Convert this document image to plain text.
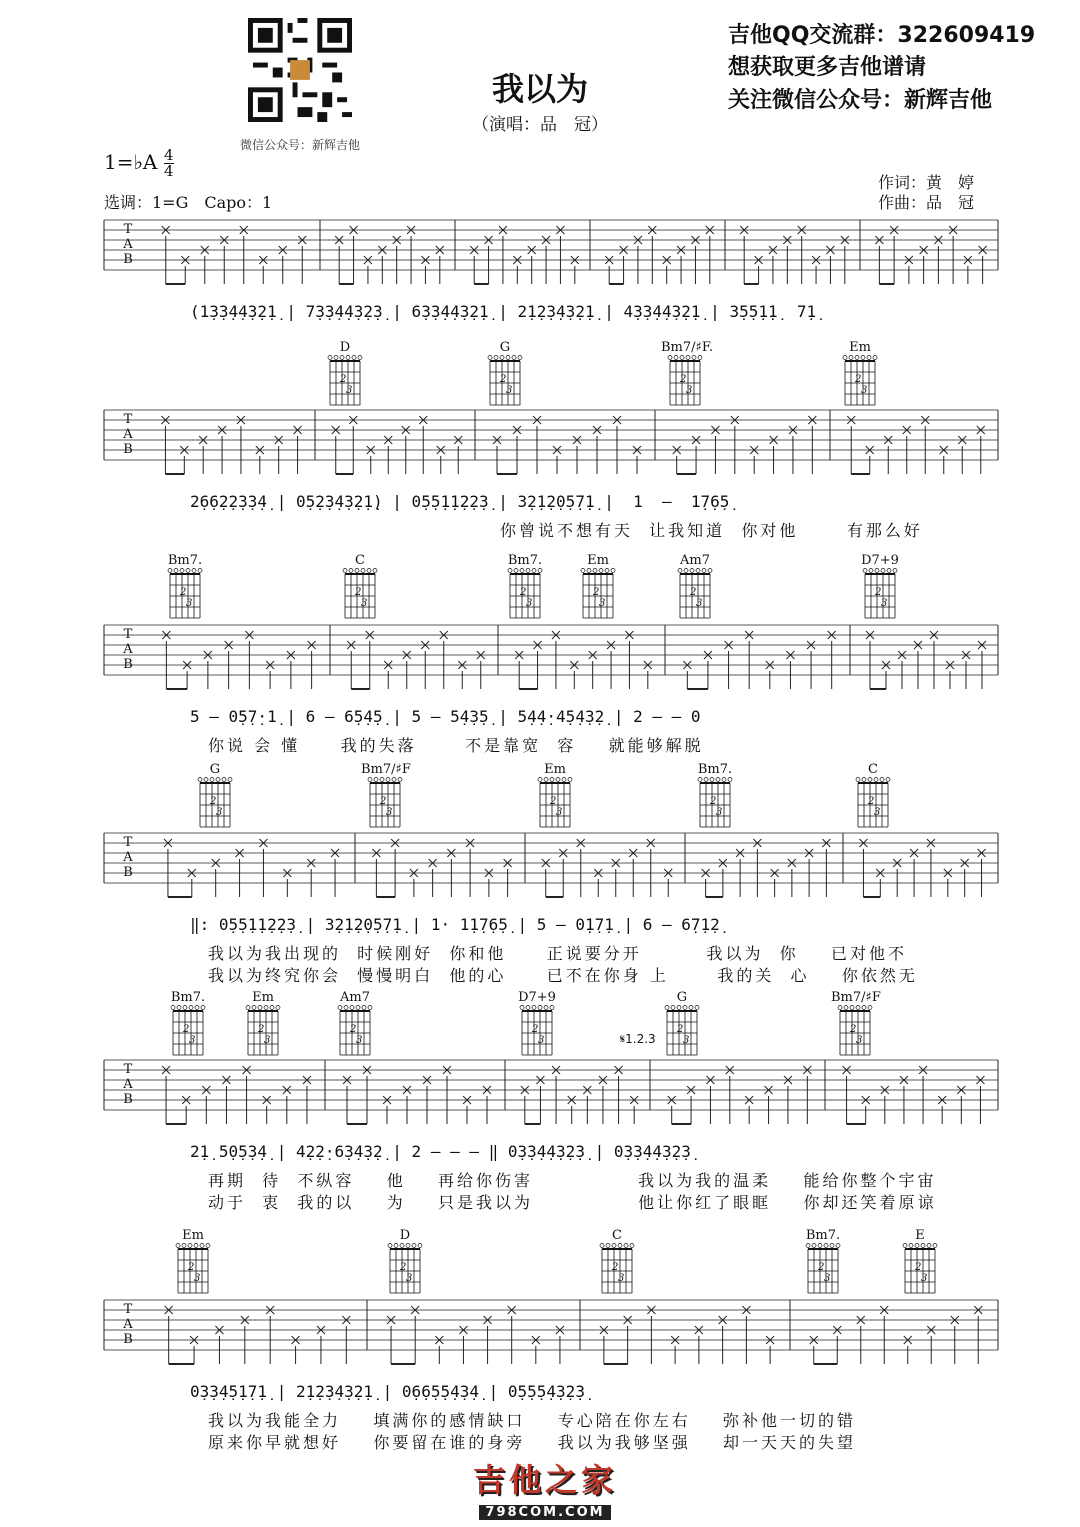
微信公众号：新辉吉他
我以为
（演唱：品　冠）
吉他QQ交流群：322609419
想获取更多吉他谱请
关注微信公众号：新辉吉他
1=♭A 4
4
选调：1=G　Capo：1
作词：黄　婷
作曲：品　冠
T
A
B
(1̣3̣3̣4̣4̣3̣2̣1̣ | 7̣3̣3̣4̣4̣3̣2̣3̣ | 6̣3̣3̣4̣4̣3̣2̣1̣ | 2̣1̣2̣3̣4̣3̣2̣1̣ | 4̣3̣3̣4̣4̣3̣2̣1̣ | 3̣5̣5̣1̣1̣  7̣1̣
D
2
3
G
2
3
Bm7/♯F.
2
3
Em
2
3
T
A
B
2̣6̣6̣2̣2̣3̣3̣4̣ | 0̣5̣2̣3̣4̣3̣2̣1̣) | 0̣5̣5̣1̣1̣2̣2̣3̣ | 3̣2̣1̣2̣0̣5̣7̣1̣ |  1  –  1̣7̣6̣5̣
你曾说不想有天  让我知道  你对他      有那么好
Bm7.
2
3
C
2
3
Bm7.
2
3
Em
2
3
Am7
2
3
D7+9
2
3
T
A
B
5 – 0̣5̣7̣·1̣ | 6 – 6̣5̣4̣5̣ | 5 – 5̣4̣3̣5̣ | 5̣4̣4̣·4̣5̣4̣3̣2̣ | 2 – – 0
你说 会 懂     我的失落      不是靠宽  容    就能够解脱
G
2
3
Bm7/♯F
2
3
Em
2
3
Bm7.
2
3
C
2
3
T
A
B
‖: 0̣5̣5̣1̣1̣2̣2̣3̣ | 3̣2̣1̣2̣0̣5̣7̣1̣ | 1· 1̣1̣7̣6̣5̣ | 5 – 0̣1̣7̣1̣ | 6 – 6̣7̣1̣2̣
我以为我出现的  时候刚好  你和他     正说要分开        我以为  你    已对他不
我以为终究你会  慢慢明白  他的心     已不在你身 上      我的关  心    你依然无
Bm7.
2
3
Em
2
3
Am7
2
3
D7+9
2
3
G
2
3
Bm7/♯F
2
3
T
A
B
2̣1̣ 5̣0̣5̣3̣4̣ | 4̣2̣2̣·6̣3̣4̣3̣2̣ | 2 – – – ‖ 0̣3̣3̣4̣4̣3̣2̣3̣ | 0̣3̣3̣4̣4̣3̣2̣3̣
再期  待  不纵容    他    再给你伤害             我以为我的温柔    能给你整个宇宙
动于  衷  我的以    为    只是我以为             他让你红了眼眶    你却还笑着原谅
𝄋1.2.3
Em
2
3
D
2
3
C
2
3
Bm7.
2
3
E
2
3
T
A
B
0̣3̣3̣4̣5̣1̣7̣1̣ | 2̣1̣2̣3̣4̣3̣2̣1̣ | 0̣6̣6̣5̣5̣4̣3̣4̣ | 0̣5̣5̣5̣4̣3̣2̣3̣
我以为我能全力    填满你的感情缺口    专心陪在你左右    弥补他一切的错
原来你早就想好    你要留在谁的身旁    我以为我够坚强    却一天天的失望
吉他之家
798COM.COM
